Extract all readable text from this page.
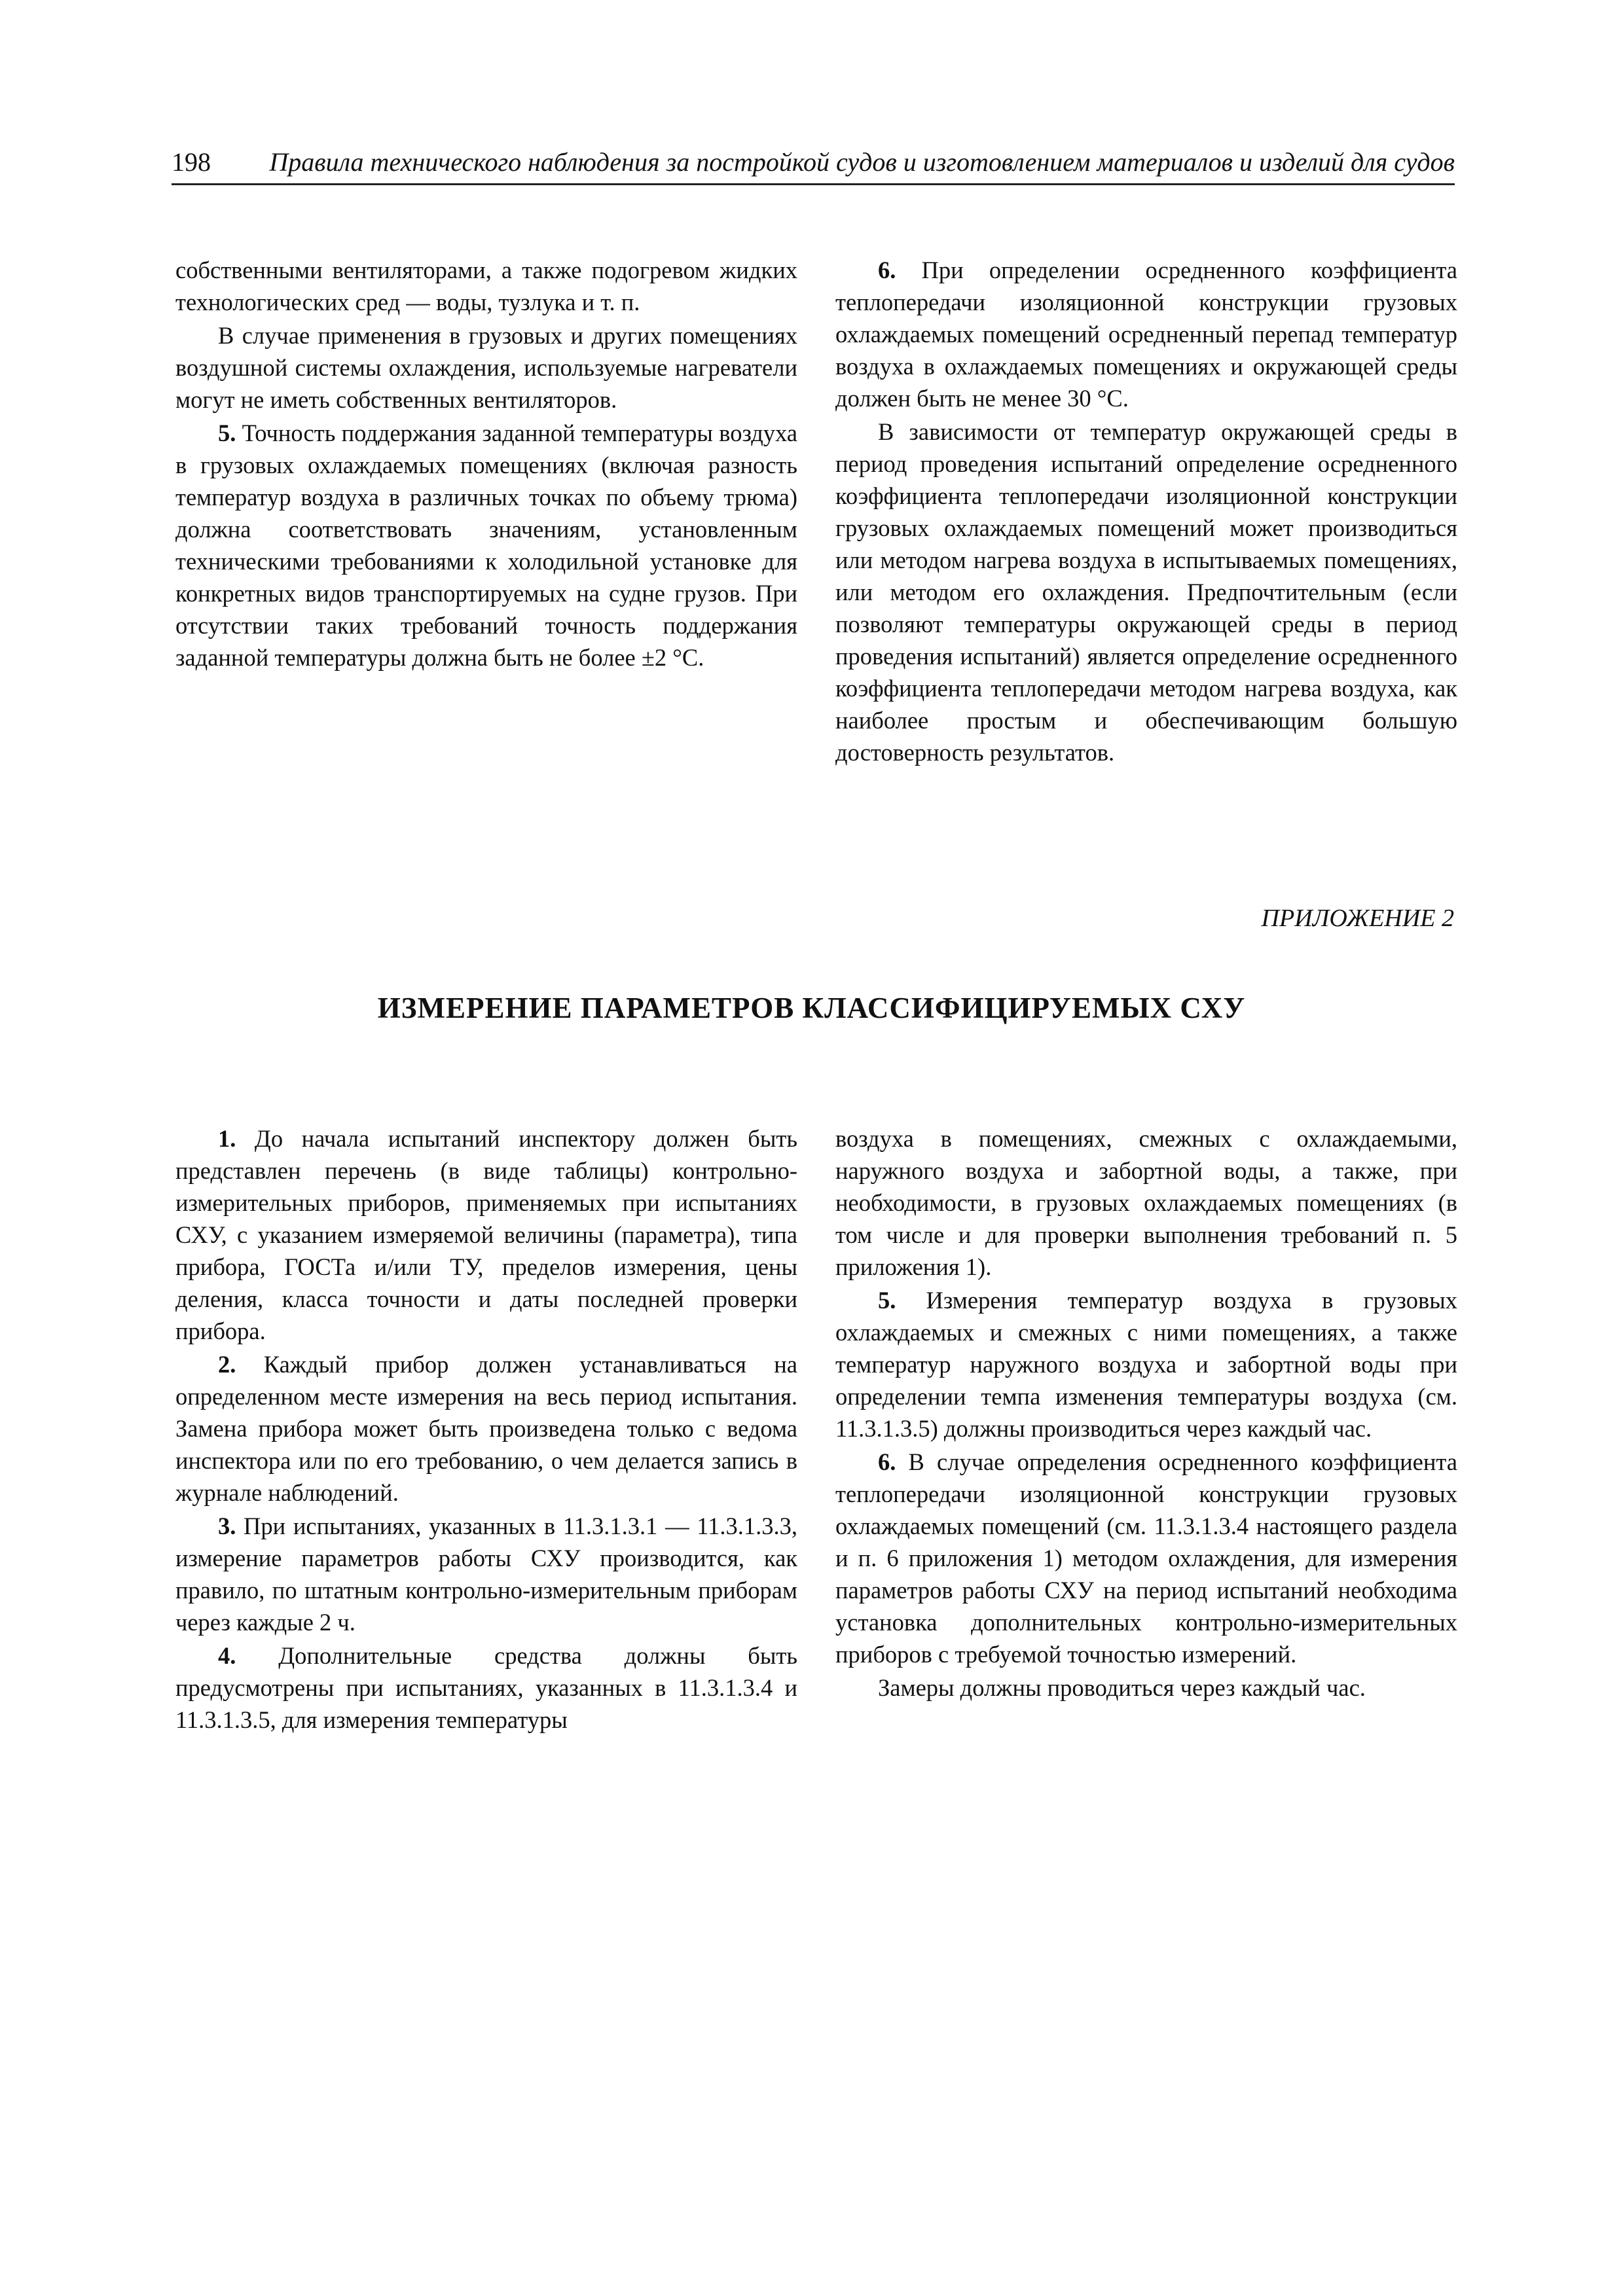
198 Правила технического наблюдения за постройкой судов и изготовлением материалов и изделий для судов

собственными вентиляторами, а также подогревом жидких технологических сред — воды, тузлука и т. п.

В случае применения в грузовых и других помещениях воздушной системы охлаждения, используемые нагреватели могут не иметь собственных вентиляторов.

5. Точность поддержания заданной температуры воздуха в грузовых охлаждаемых помещениях (включая разность температур воздуха в различных точках по объему трюма) должна соответствовать значениям, установленным техническими требованиями к холодильной установке для конкретных видов транспортируемых на судне грузов. При отсутствии таких требований точность поддержания заданной температуры должна быть не более ±2 °C.

6. При определении осредненного коэффициента теплопередачи изоляционной конструкции грузовых охлаждаемых помещений осредненный перепад температур воздуха в охлаждаемых помещениях и окружающей среды должен быть не менее 30 °C.

В зависимости от температур окружающей среды в период проведения испытаний определение осредненного коэффициента теплопередачи изоляционной конструкции грузовых охлаждаемых помещений может производиться или методом нагрева воздуха в испытываемых помещениях, или методом его охлаждения. Предпочтительным (если позволяют температуры окружающей среды в период проведения испытаний) является определение осредненного коэффициента теплопередачи методом нагрева воздуха, как наиболее простым и обеспечивающим большую достоверность результатов.

ПРИЛОЖЕНИЕ 2
ИЗМЕРЕНИЕ ПАРАМЕТРОВ КЛАССИФИЦИРУЕМЫХ СХУ

1. До начала испытаний инспектору должен быть представлен перечень (в виде таблицы) контрольно-измерительных приборов, применяемых при испытаниях СХУ, с указанием измеряемой величины (параметра), типа прибора, ГОСТа и/или ТУ, пределов измерения, цены деления, класса точности и даты последней проверки прибора.

2. Каждый прибор должен устанавливаться на определенном месте измерения на весь период испытания. Замена прибора может быть произведена только с ведома инспектора или по его требованию, о чем делается запись в журнале наблюдений.

3. При испытаниях, указанных в 11.3.1.3.1 — 11.3.1.3.3, измерение параметров работы СХУ производится, как правило, по штатным контрольно-измерительным приборам через каждые 2 ч.

4. Дополнительные средства должны быть предусмотрены при испытаниях, указанных в 11.3.1.3.4 и 11.3.1.3.5, для измерения температуры

воздуха в помещениях, смежных с охлаждаемыми, наружного воздуха и забортной воды, а также, при необходимости, в грузовых охлаждаемых помещениях (в том числе и для проверки выполнения требований п. 5 приложения 1).

5. Измерения температур воздуха в грузовых охлаждаемых и смежных с ними помещениях, а также температур наружного воздуха и забортной воды при определении темпа изменения температуры воздуха (см. 11.3.1.3.5) должны производиться через каждый час.

6. В случае определения осредненного коэффициента теплопередачи изоляционной конструкции грузовых охлаждаемых помещений (см. 11.3.1.3.4 настоящего раздела и п. 6 приложения 1) методом охлаждения, для измерения параметров работы СХУ на период испытаний необходима установка дополнительных контрольно-измерительных приборов с требуемой точностью измерений.

Замеры должны проводиться через каждый час.
